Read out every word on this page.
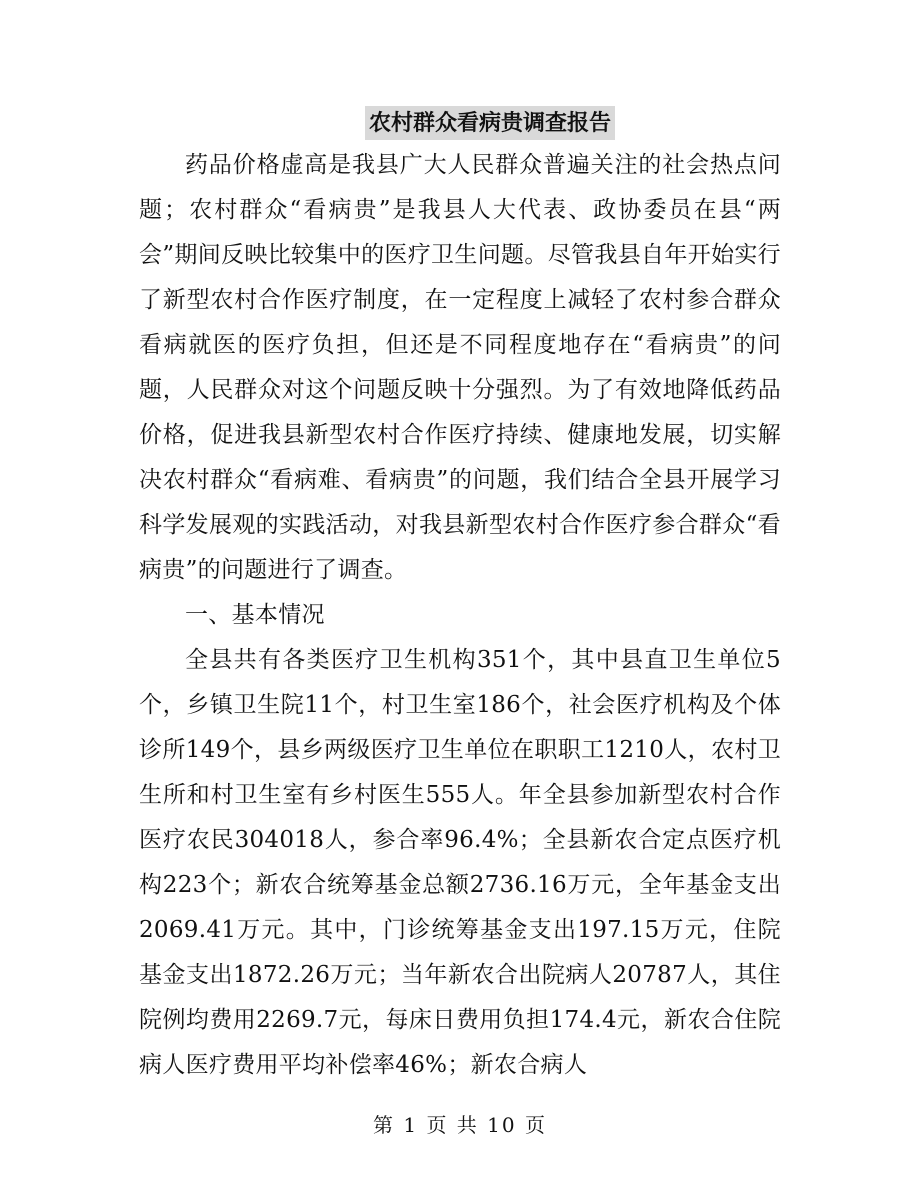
农村群众看病贵调查报告

药品价格虚高是我县广大人民群众普遍关注的社会热点问题；农村群众“看病贵”是我县人大代表、政协委员在县“两会”期间反映比较集中的医疗卫生问题。尽管我县自年开始实行了新型农村合作医疗制度，在一定程度上减轻了农村参合群众看病就医的医疗负担，但还是不同程度地存在“看病贵”的问题，人民群众对这个问题反映十分强烈。为了有效地降低药品价格，促进我县新型农村合作医疗持续、健康地发展，切实解决农村群众“看病难、看病贵”的问题，我们结合全县开展学习科学发展观的实践活动，对我县新型农村合作医疗参合群众“看病贵”的问题进行了调查。

一、基本情况

全县共有各类医疗卫生机构351个，其中县直卫生单位5个，乡镇卫生院11个，村卫生室186个，社会医疗机构及个体诊所149个，县乡两级医疗卫生单位在职职工1210人，农村卫生所和村卫生室有乡村医生555人。年全县参加新型农村合作医疗农民304018人，参合率96.4%；全县新农合定点医疗机构223个；新农合统筹基金总额2736.16万元，全年基金支出2069.41万元。其中，门诊统筹基金支出197.15万元，住院基金支出1872.26万元；当年新农合出院病人20787人，其住院例均费用2269.7元，每床日费用负担174.4元，新农合住院病人医疗费用平均补偿率46%；新农合病人

第 1 页 共 10 页
